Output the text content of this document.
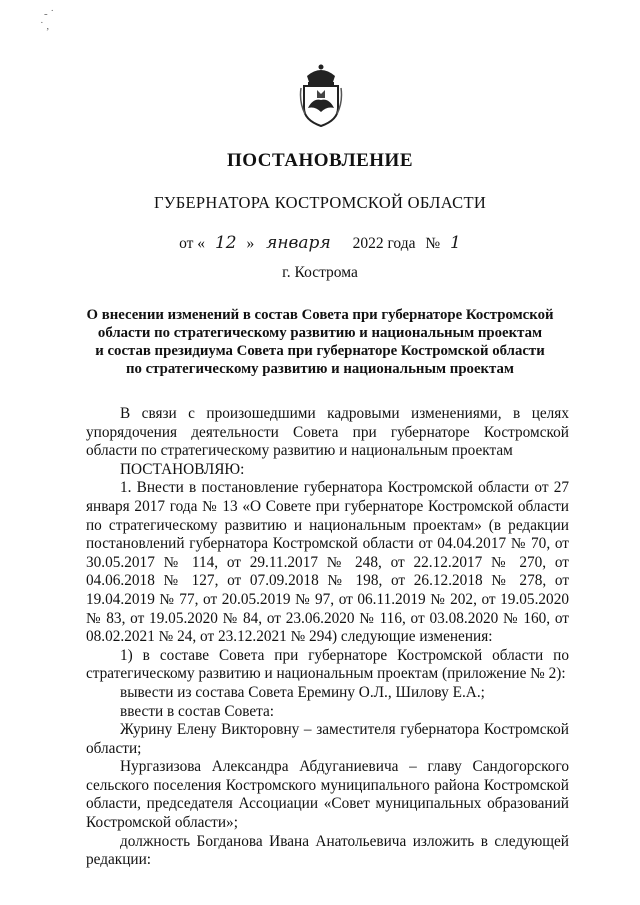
- ˙
˙ ,
ПОСТАНОВЛЕНИЕ
ГУБЕРНАТОРА КОСТРОМСКОЙ ОБЛАСТИ
от « 12 » января 2022 года № 1
г. Кострома
О внесении изменений в состав Совета при губернаторе Костромской
области по стратегическому развитию и национальным проектам
и состав президиума Совета при губернаторе Костромской области
по стратегическому развитию и национальным проектам
В связи с произошедшими кадровыми изменениями, в целях упорядочения деятельности Совета при губернаторе Костромской области по стратегическому развитию и национальным проектам
ПОСТАНОВЛЯЮ:
1. Внести в постановление губернатора Костромской области от 27 января 2017 года № 13 «О Совете при губернаторе Костромской области по стратегическому развитию и национальным проектам» (в редакции постановлений губернатора Костромской области от 04.04.2017 № 70, от 30.05.2017 № 114, от 29.11.2017 № 248, от 22.12.2017 № 270, от 04.06.2018 № 127, от 07.09.2018 № 198, от 26.12.2018 № 278, от 19.04.2019 № 77, от 20.05.2019 № 97, от 06.11.2019 № 202, от 19.05.2020 № 83, от 19.05.2020 № 84, от 23.06.2020 № 116, от 03.08.2020 № 160, от 08.02.2021 № 24, от 23.12.2021 № 294) следующие изменения:
1) в составе Совета при губернаторе Костромской области по стратегическому развитию и национальным проектам (приложение № 2):
вывести из состава Совета Еремину О.Л., Шилову Е.А.;
ввести в состав Совета:
Журину Елену Викторовну – заместителя губернатора Костромской области;
Нургазизова Александра Абдуганиевича – главу Сандогорского сельского поселения Костромского муниципального района Костромской области, председателя Ассоциации «Совет муниципальных образований Костромской области»;
должность Богданова Ивана Анатольевича изложить в следующей редакции:
